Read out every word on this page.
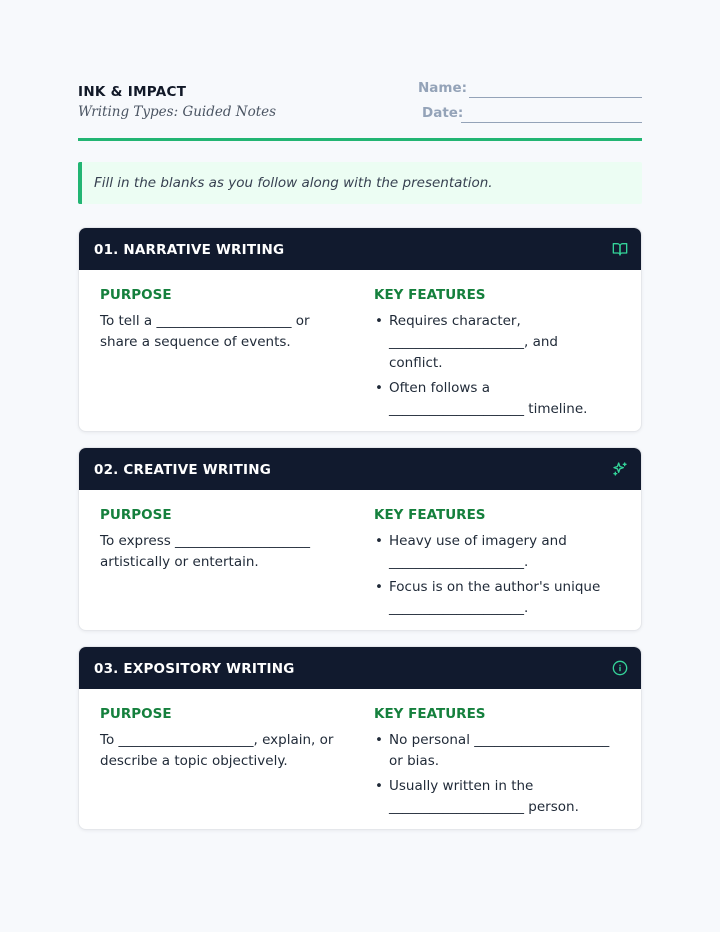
INK & IMPACT
Writing Types: Guided Notes
Name:
Date:
Fill in the blanks as you follow along with the presentation.
01. NARRATIVE WRITING
PURPOSE
To tell a ____________________ or share a sequence of events.
KEY FEATURES
• Requires character, ____________________, and conflict.
• Often follows a ____________________ timeline.
02. CREATIVE WRITING
PURPOSE
To express ____________________ artistically or entertain.
KEY FEATURES
• Heavy use of imagery and ____________________.
• Focus is on the author's unique ____________________.
03. EXPOSITORY WRITING
PURPOSE
To ____________________, explain, or describe a topic objectively.
KEY FEATURES
• No personal ____________________ or bias.
• Usually written in the ____________________ person.
